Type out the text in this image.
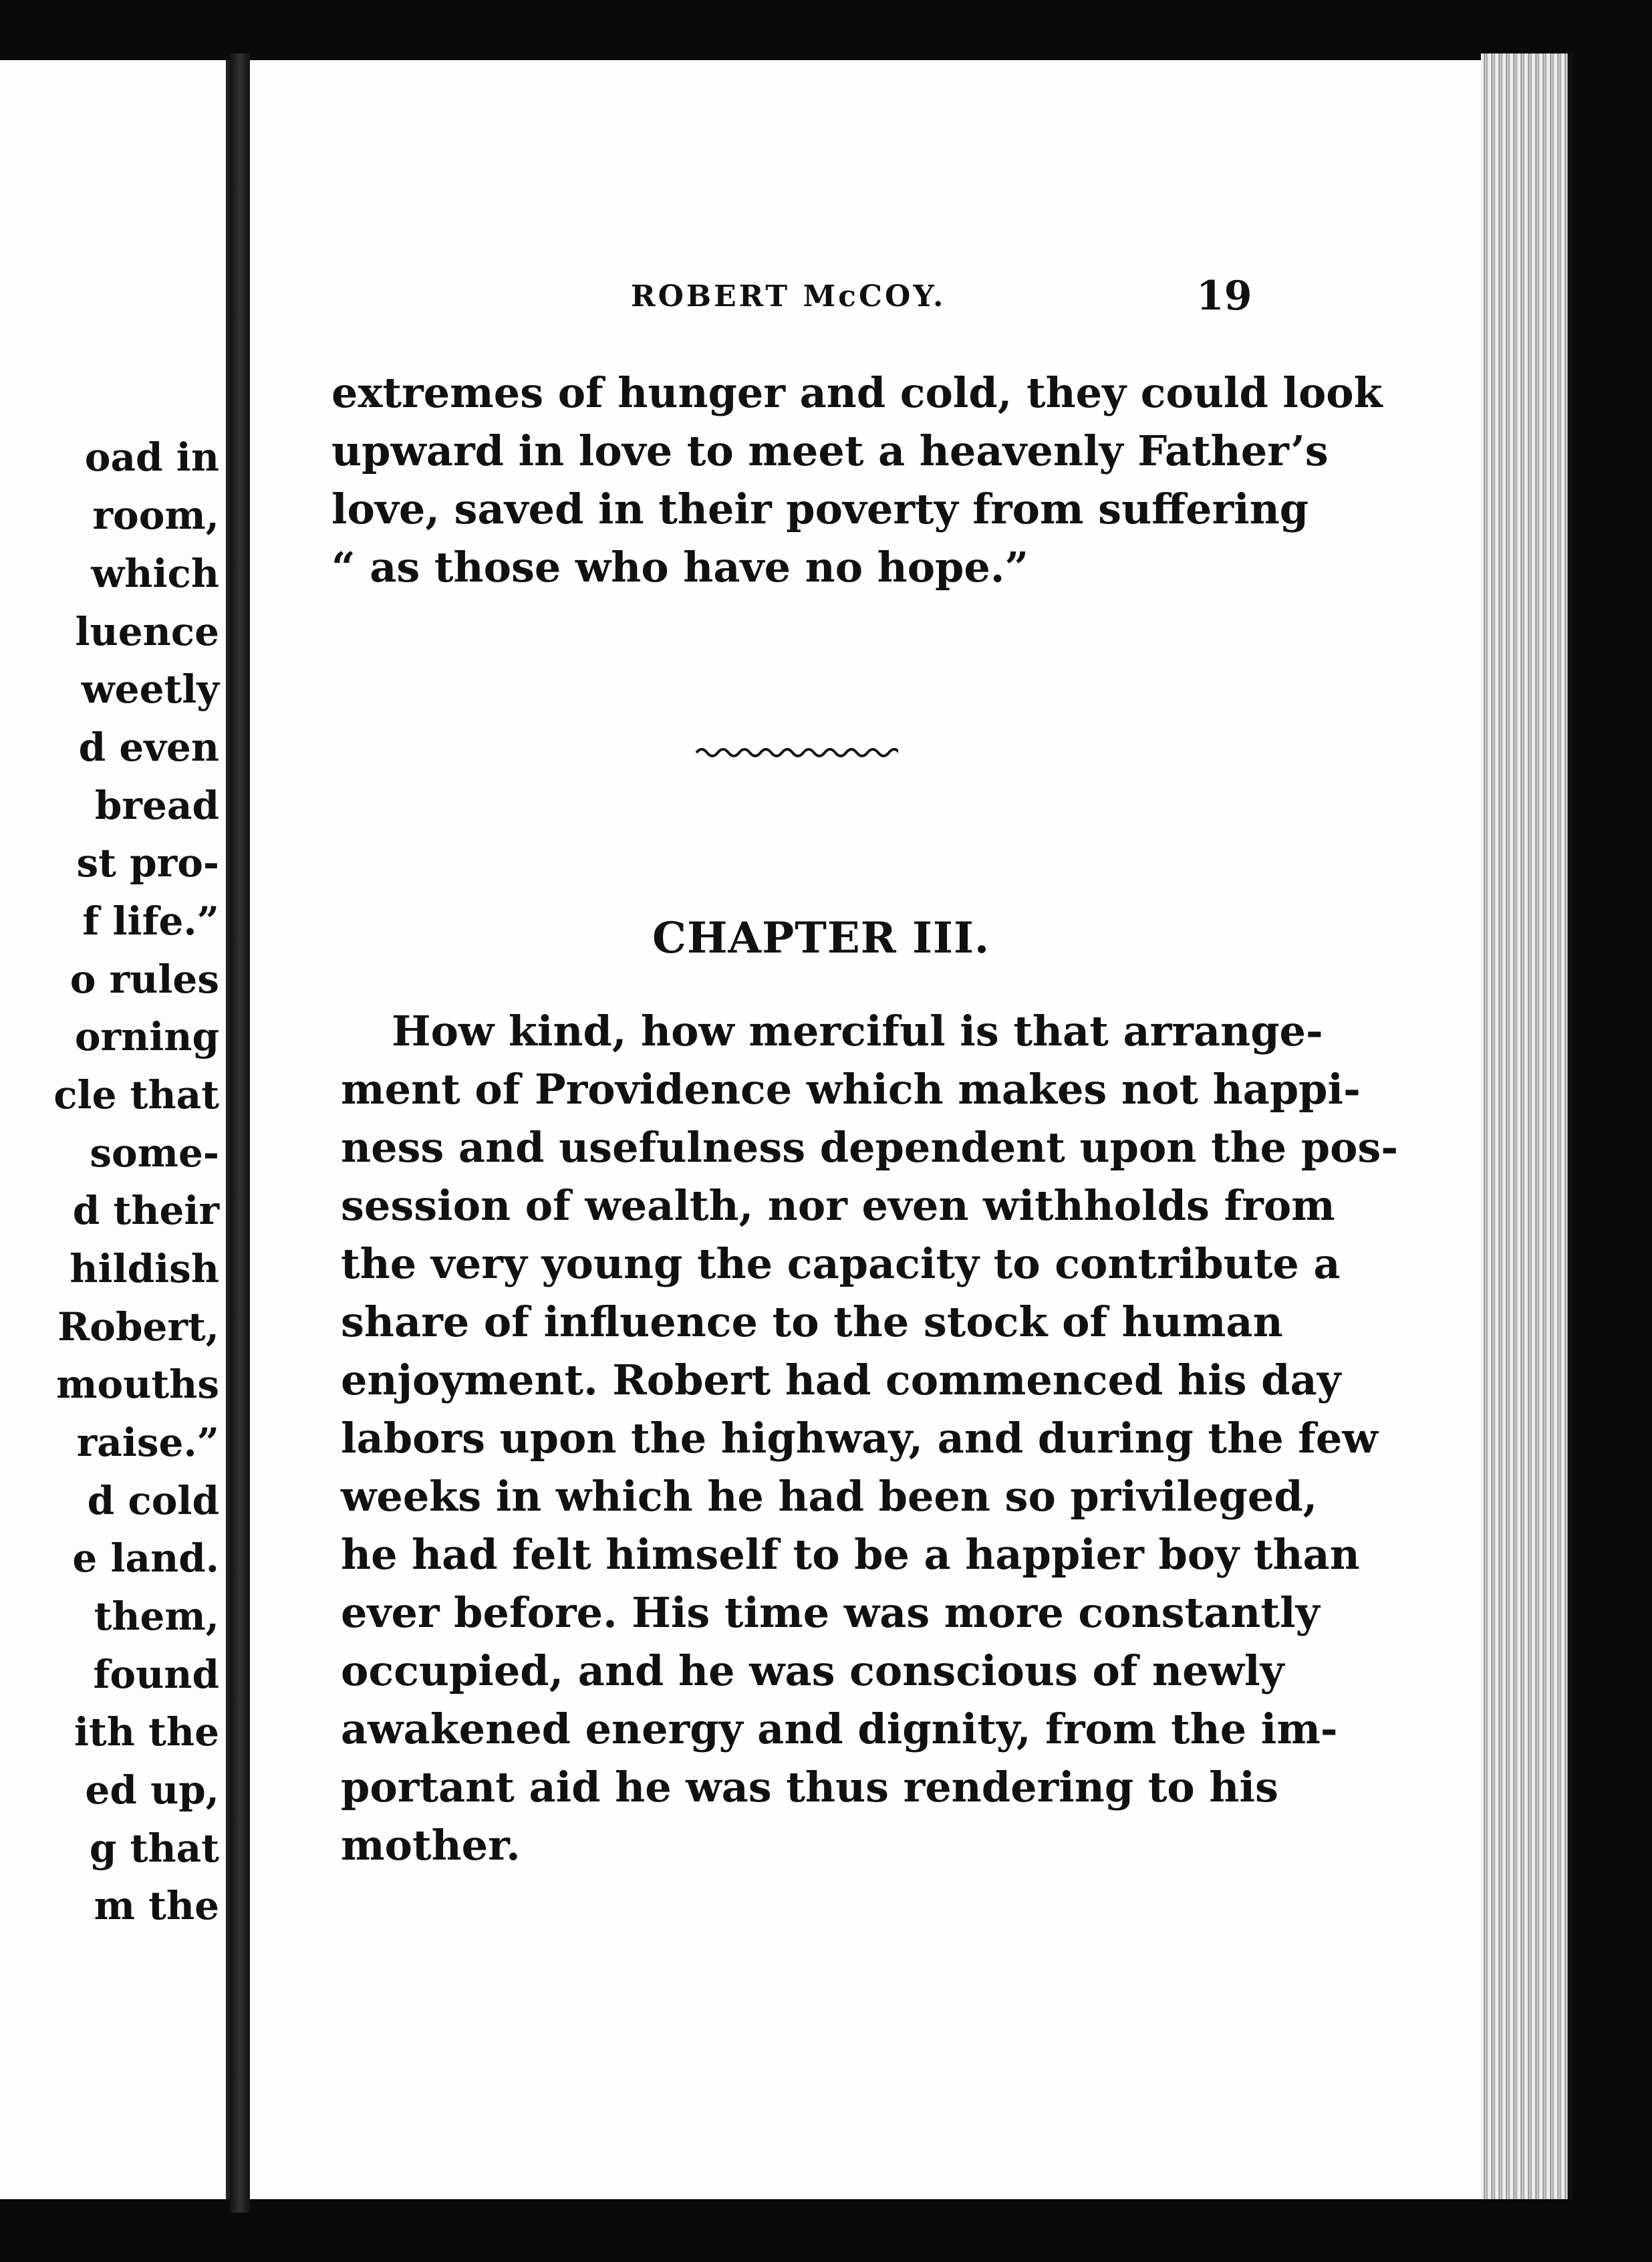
oad in
room,
which
luence
weetly
d even
bread
st pro-
f life.”
o rules
orning
cle that
some-
d their
hildish
Robert,
mouths
raise.”
d cold
e land.
them,
found
ith the
ed up,
g that
m the
ROBERT McCOY.	19
extremes of hunger and cold, they could look
upward in love to meet a heavenly Father’s
love, saved in their poverty from suffering
“ as those who have no hope.”
CHAPTER III.
How kind, how merciful is that arrange-
ment of Providence which makes not happi-
ness and usefulness dependent upon the pos-
session of wealth, nor even withholds from
the very young the capacity to contribute a
share of influence to the stock of human
enjoyment. Robert had commenced his day
labors upon the highway, and during the few
weeks in which he had been so privileged,
he had felt himself to be a happier boy than
ever before. His time was more constantly
occupied, and he was conscious of newly
awakened energy and dignity, from the im-
portant aid he was thus rendering to his
mother.
